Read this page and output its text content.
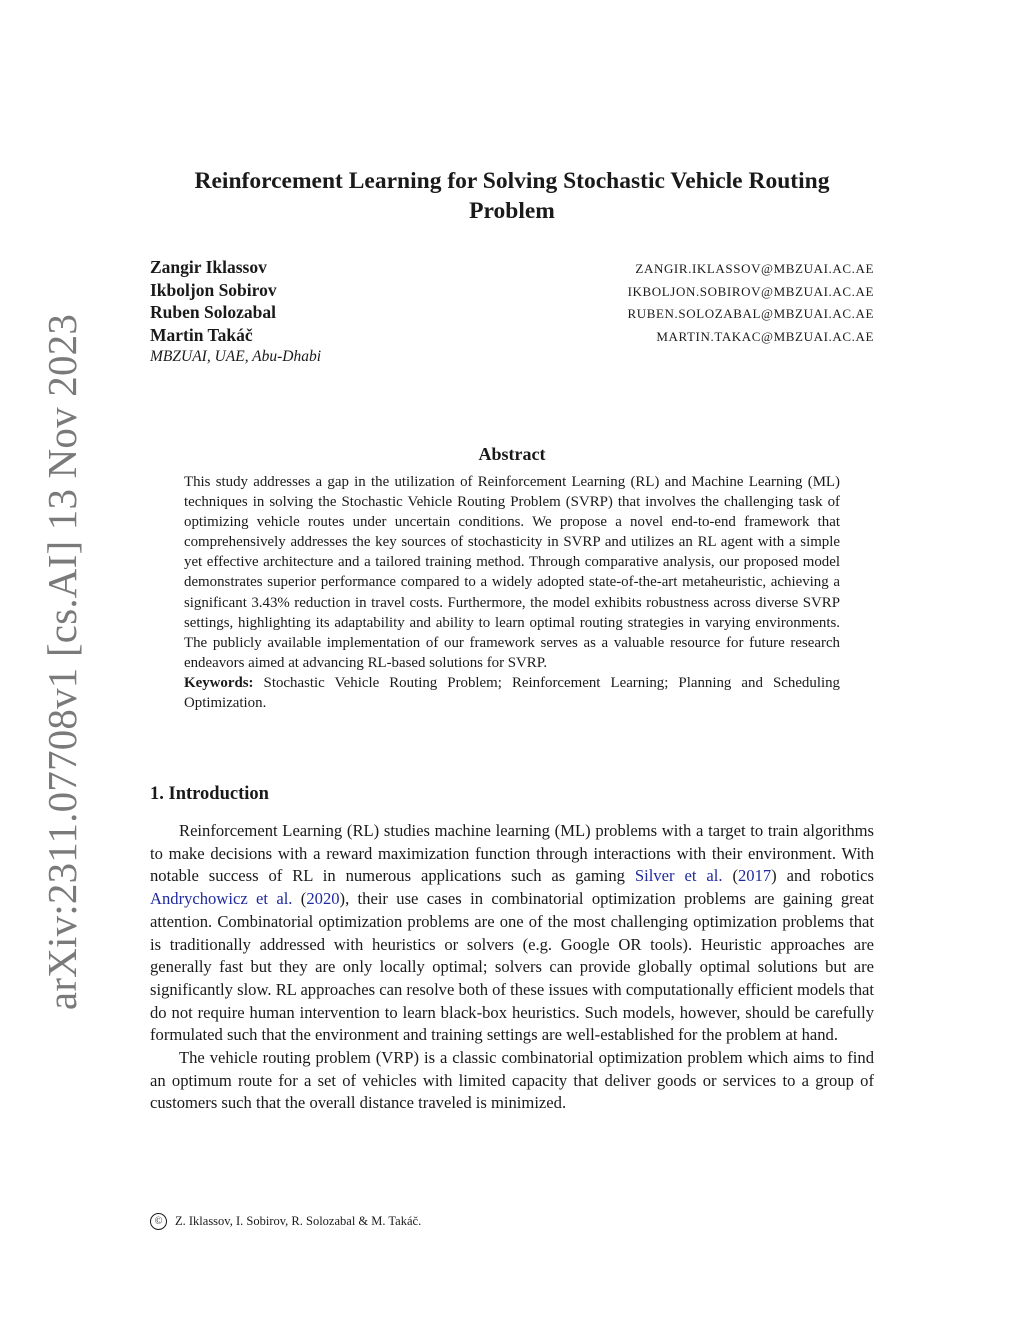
arXiv:2311.07708v1 [cs.AI] 13 Nov 2023
Reinforcement Learning for Solving Stochastic Vehicle Routing Problem
Zangir Iklassov	ZANGIR.IKLASSOV@MBZUAI.AC.AE
Ikboljon Sobirov	IKBOLJON.SOBIROV@MBZUAI.AC.AE
Ruben Solozabal	RUBEN.SOLOZABAL@MBZUAI.AC.AE
Martin Takáč	MARTIN.TAKAC@MBZUAI.AC.AE
MBZUAI, UAE, Abu-Dhabi
Abstract

This study addresses a gap in the utilization of Reinforcement Learning (RL) and Machine Learning (ML) techniques in solving the Stochastic Vehicle Routing Problem (SVRP) that involves the challenging task of optimizing vehicle routes under uncertain conditions. We propose a novel end-to-end framework that comprehensively addresses the key sources of stochasticity in SVRP and utilizes an RL agent with a simple yet effective architecture and a tailored training method. Through comparative analysis, our proposed model demonstrates superior performance compared to a widely adopted state-of-the-art metaheuristic, achieving a significant 3.43% reduction in travel costs. Furthermore, the model exhibits robustness across diverse SVRP settings, highlighting its adaptability and ability to learn optimal routing strategies in varying environments. The publicly available implementation of our framework serves as a valuable resource for future research endeavors aimed at advancing RL-based solutions for SVRP.

Keywords: Stochastic Vehicle Routing Problem; Reinforcement Learning; Planning and Scheduling Optimization.

1. Introduction

Reinforcement Learning (RL) studies machine learning (ML) problems with a target to train algorithms to make decisions with a reward maximization function through interactions with their environment. With notable success of RL in numerous applications such as gaming Silver et al. (2017) and robotics Andrychowicz et al. (2020), their use cases in combinatorial optimization problems are gaining great attention. Combinatorial optimization problems are one of the most challenging optimization problems that is traditionally addressed with heuristics or solvers (e.g. Google OR tools). Heuristic approaches are generally fast but they are only locally optimal; solvers can provide globally optimal solutions but are significantly slow. RL approaches can resolve both of these issues with computationally efficient models that do not require human intervention to learn black-box heuristics. Such models, however, should be carefully formulated such that the environment and training settings are well-established for the problem at hand.

The vehicle routing problem (VRP) is a classic combinatorial optimization problem which aims to find an optimum route for a set of vehicles with limited capacity that deliver goods or services to a group of customers such that the overall distance traveled is minimized.

©	Z. Iklassov, I. Sobirov, R. Solozabal & M. Takáč.
